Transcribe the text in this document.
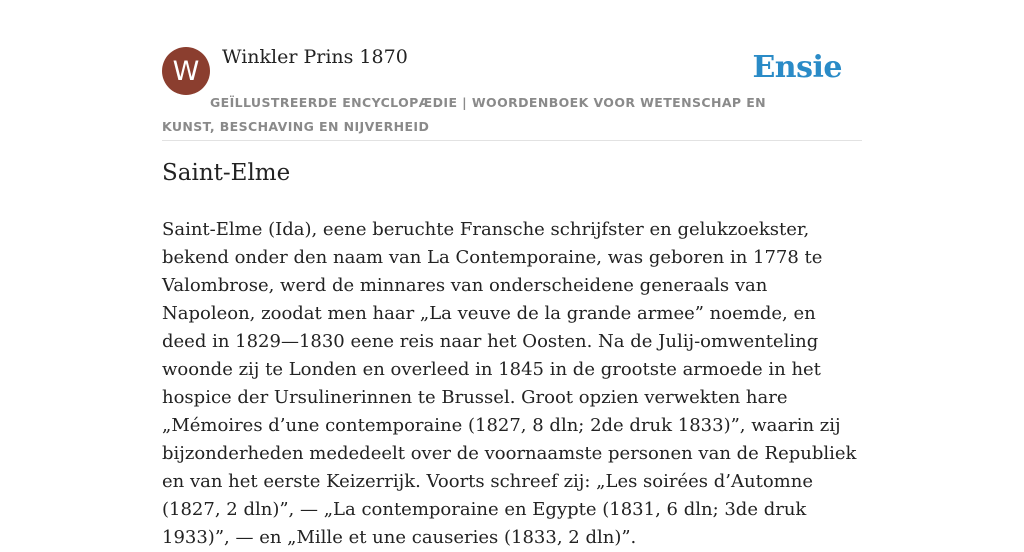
W	Winkler Prins 1870	Ensie
GEÏLLUSTREERDE ENCYCLOPÆDIE | WOORDENBOEK VOOR WETENSCHAP EN KUNST, BESCHAVING EN NIJVERHEID
Saint-Elme

Saint-Elme (Ida), eene beruchte Fransche schrijfster en gelukzoekster, bekend onder den naam van La Contemporaine, was geboren in 1778 te Valombrose, werd de minnares van onderscheidene generaals van Napoleon, zoodat men haar „La veuve de la grande armee” noemde, en deed in 1829—1830 eene reis naar het Oosten. Na de Julij-omwenteling woonde zij te Londen en overleed in 1845 in de grootste armoede in het hospice der Ursulinerinnen te Brussel. Groot opzien verwekten hare „Mémoires d’une contemporaine (1827, 8 dln; 2de druk 1833)”, waarin zij bijzonderheden mededeelt over de voornaamste personen van de Republiek en van het eerste Keizerrijk. Voorts schreef zij: „Les soirées d’Automne (1827, 2 dln)”, — „La contemporaine en Egypte (1831, 6 dln; 3de druk 1933)”, — en „Mille et une causeries (1833, 2 dln)”.
